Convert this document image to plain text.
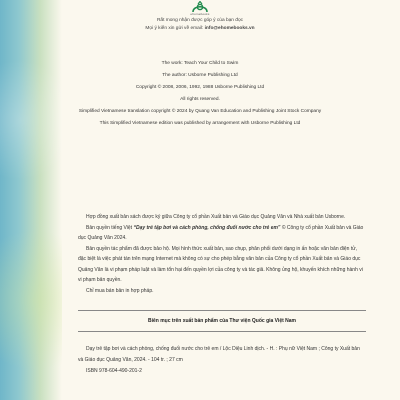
ehomebooks
Rất mong nhận được góp ý của bạn đọc
Mọi ý kiến xin gửi về email: info@ehomebooks.vn
The work: Teach Your Child to Swim
The author: Usborne Publishing Ltd
Copyright © 2008, 2006, 1992, 1988 Usborne Publishing Ltd
All rights reserved.
Simplified Vietnamese translation copyright © 2024 by Quang Van Education and Publishing Joint Stock Company
This Simplified Vietnamese edition was published by arrangement with Usborne Publishing Ltd

Hợp đồng xuất bản sách được ký giữa Công ty cổ phần Xuất bản và Giáo dục Quảng Văn và Nhà xuất bản Usborne.

Bản quyền tiếng Việt “Dạy trẻ tập bơi và cách phòng, chống đuối nước cho trẻ em” © Công ty cổ phần Xuất bản và Giáo dục Quảng Văn 2024.

Bản quyền tác phẩm đã được bảo hộ. Mọi hình thức xuất bản, sao chụp, phân phối dưới dạng in ấn hoặc văn bản điện tử, đặc biệt là việc phát tán trên mạng Internet mà không có sự cho phép bằng văn bản của Công ty cổ phần Xuất bản và Giáo dục Quảng Văn là vi phạm pháp luật và làm tổn hại đến quyền lợi của công ty và tác giả. Không ủng hộ, khuyến khích những hành vi vi phạm bản quyền.

Chỉ mua bán bản in hợp pháp.

Biên mục trên xuất bản phẩm của Thư viện Quốc gia Việt Nam

Dạy trẻ tập bơi và cách phòng, chống đuối nước cho trẻ em / Lộc Diệu Linh dịch. - H. : Phụ nữ Việt Nam ; Công ty Xuất bản và Giáo dục Quảng Văn, 2024. - 104 tr. ; 27 cm

ISBN 978-604-490-201-2
